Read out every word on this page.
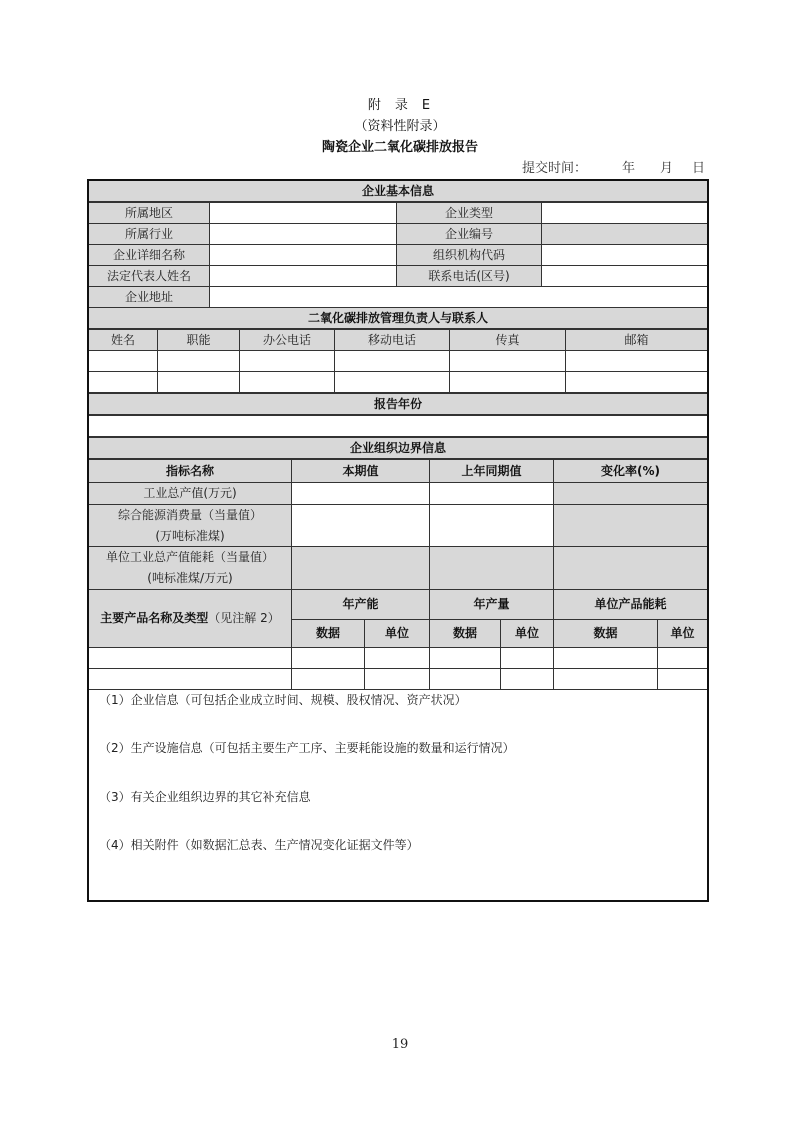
附 录 E
（资料性附录）
陶瓷企业二氧化碳排放报告
提交时间：	年 月 日
企业基本信息
所属地区	企业类型
所属行业	企业编号
企业详细名称	组织机构代码
法定代表人姓名	联系电话(区号)
企业地址
二氧化碳排放管理负责人与联系人
姓名	职能	办公电话	移动电话	传真	邮箱
报告年份
企业组织边界信息
指标名称	本期值	上年同期值	变化率(%)
工业总产值(万元)
综合能源消费量（当量值）
(万吨标准煤)
单位工业总产值能耗（当量值）
(吨标准煤/万元)
主要产品名称及类型 （见注解 2）
年产能	年产量	单位产品能耗
数据	单位	数据	单位	数据	单位
（1）企业信息（可包括企业成立时间、规模、股权情况、资产状况）
（2）生产设施信息（可包括主要生产工序、主要耗能设施的数量和运行情况）
（3）有关企业组织边界的其它补充信息
（4）相关附件（如数据汇总表、生产情况变化证据文件等）
19
